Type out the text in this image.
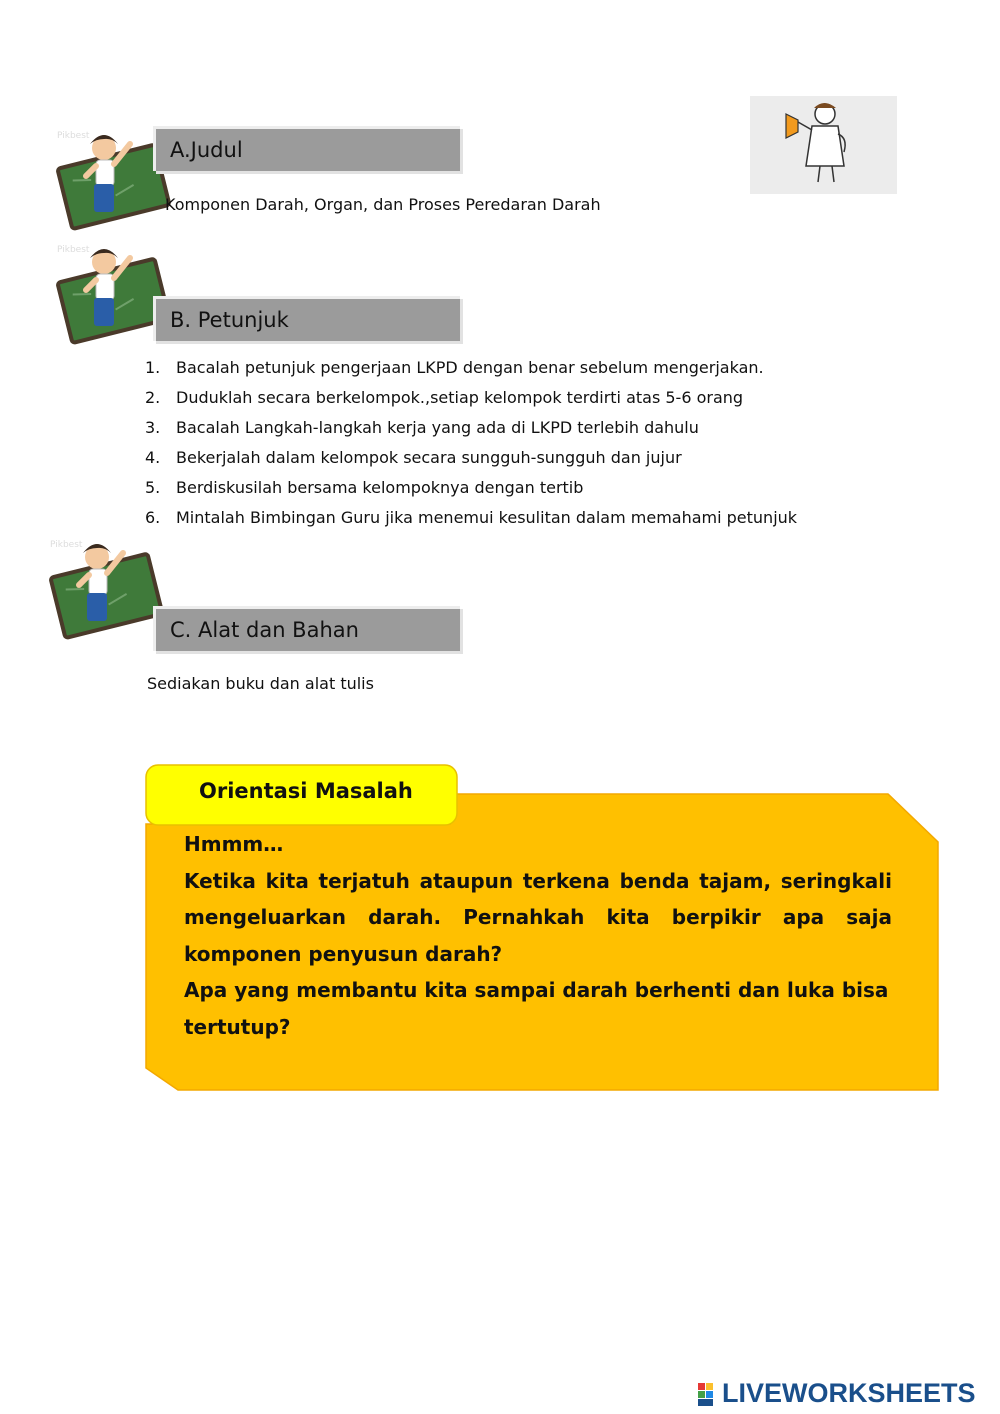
A.Judul
Komponen Darah, Organ, dan Proses Peredaran Darah
B. Petunjuk
1. Bacalah petunjuk pengerjaan LKPD dengan benar sebelum mengerjakan.
2. Duduklah secara berkelompok.,setiap kelompok terdirti atas 5-6 orang
3. Bacalah Langkah-langkah kerja yang ada di LKPD terlebih dahulu
4. Bekerjalah dalam kelompok secara sungguh-sungguh dan jujur
5. Berdiskusilah bersama kelompoknya dengan tertib
6. Mintalah Bimbingan Guru jika menemui kesulitan dalam memahami petunjuk
C. Alat dan Bahan
Sediakan buku dan alat tulis
Orientasi Masalah

Hmmm…

Ketika kita terjatuh ataupun terkena benda tajam, seringkali mengeluarkan darah. Pernahkah kita berpikir apa saja komponen penyusun darah?

Apa yang membantu kita sampai darah berhenti dan luka bisa tertutup?

LIVEWORKSHEETS
